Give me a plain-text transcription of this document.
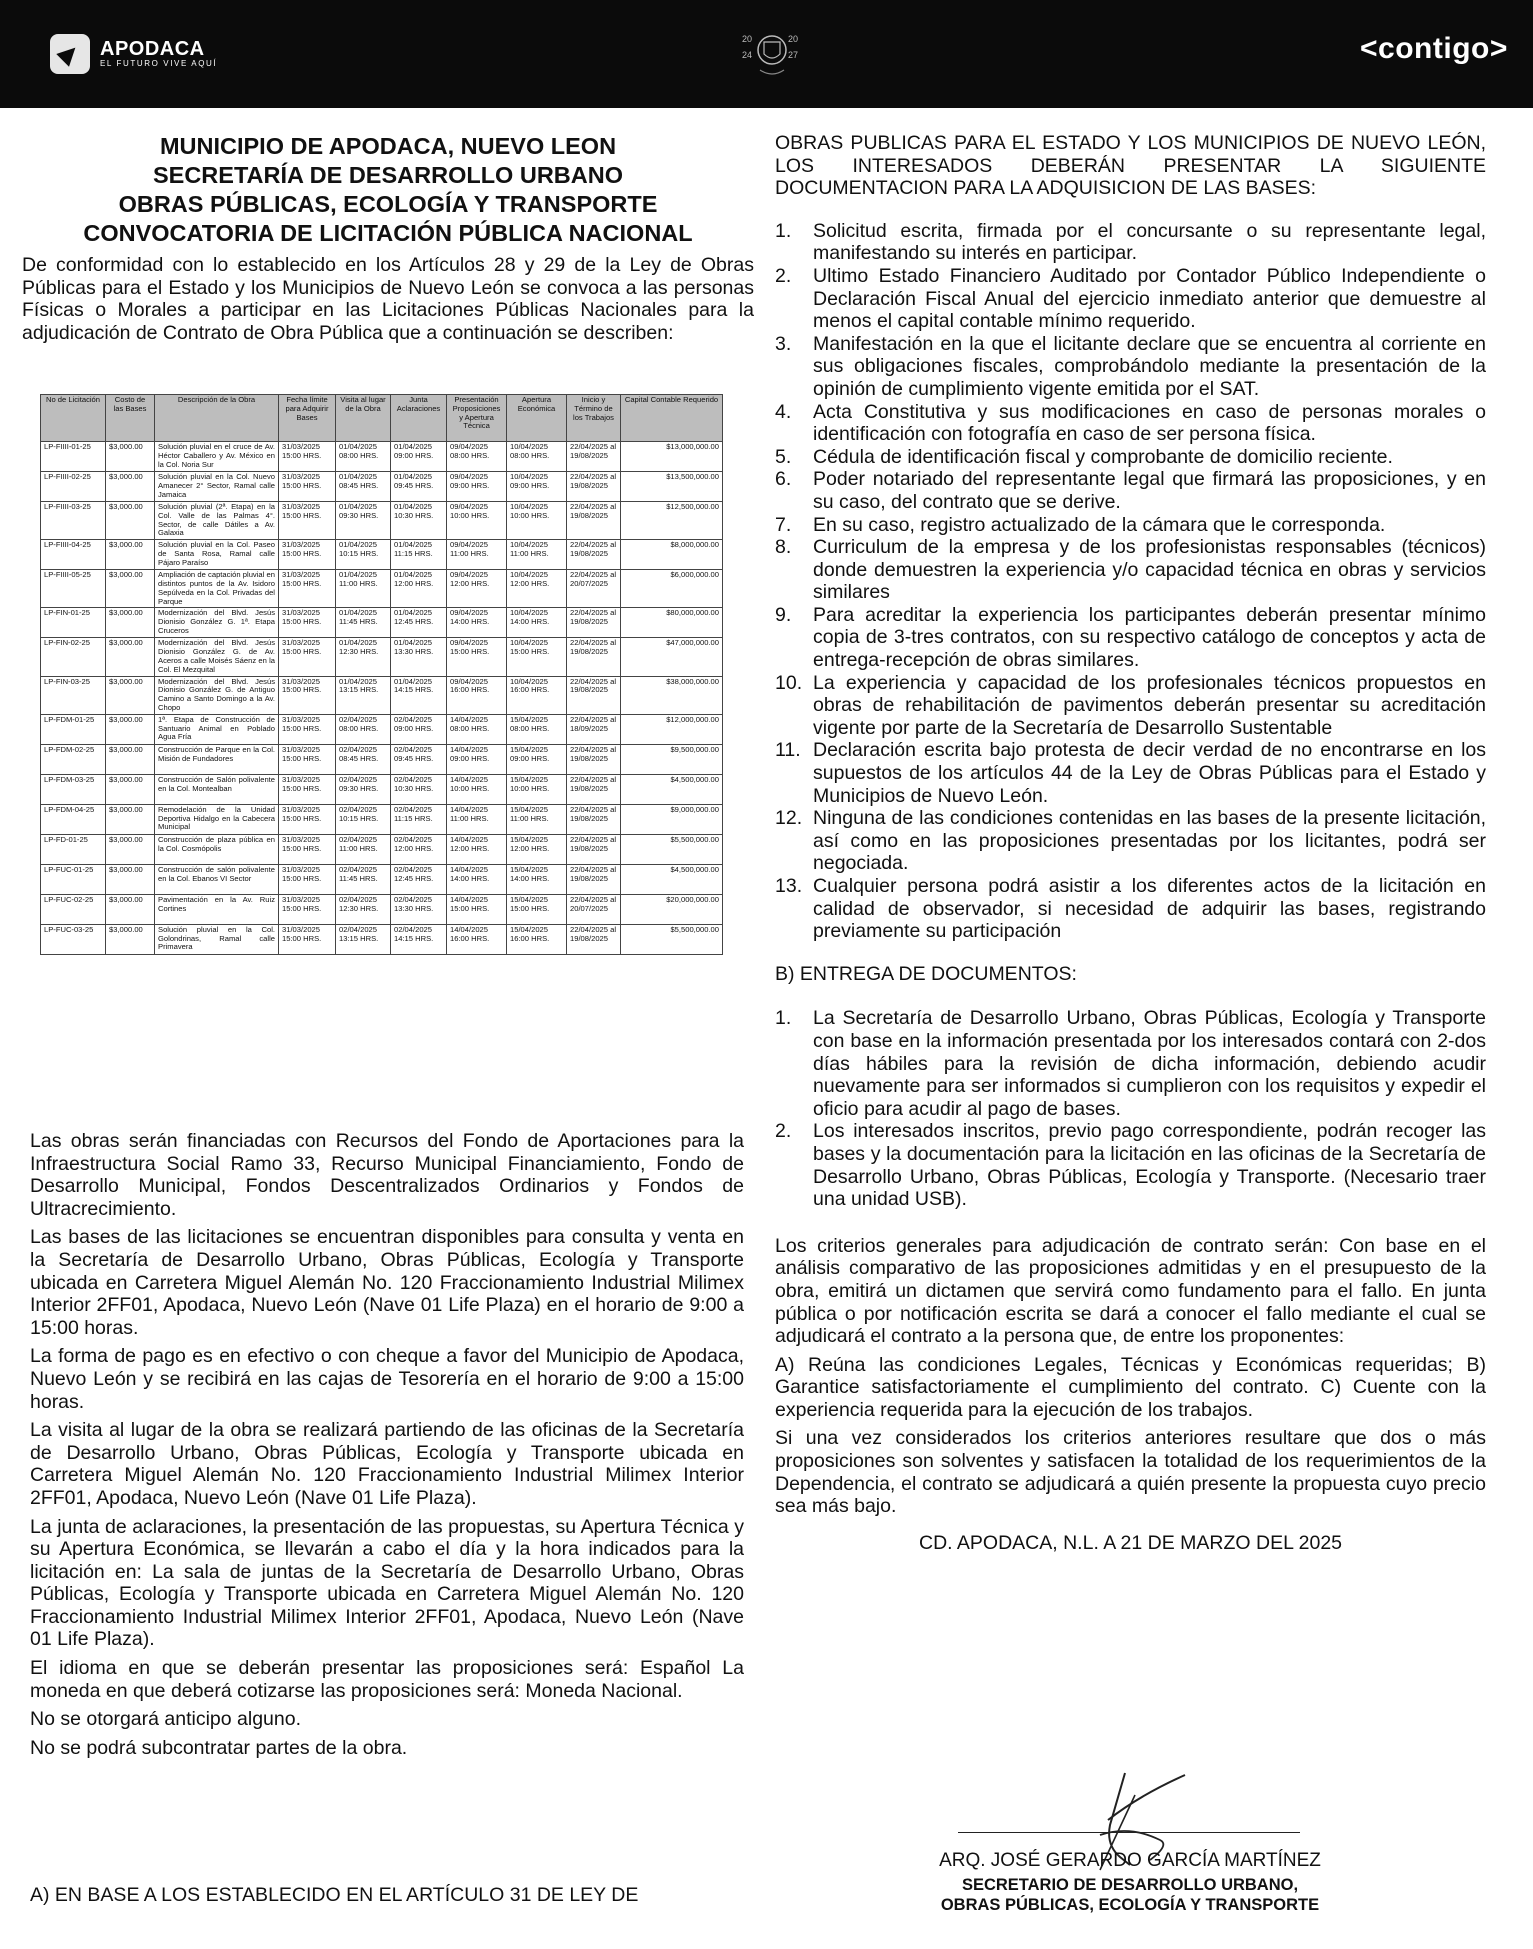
APODACA
EL FUTURO VIVE AQUÍ
20	20
24	27	<contigo>
MUNICIPIO DE APODACA, NUEVO LEON
SECRETARÍA DE DESARROLLO URBANO
OBRAS PÚBLICAS, ECOLOGÍA Y TRANSPORTE
CONVOCATORIA DE LICITACIÓN PÚBLICA NACIONAL

De conformidad con lo establecido en los Artículos 28 y 29 de la Ley de Obras Públicas para el Estado y los Municipios de Nuevo León se convoca a las personas Físicas o Morales a participar en las Licitaciones Públicas Nacionales para la adjudicación de Contrato de Obra Pública que a continuación se describen:

No de Licitación	Costo de las Bases	Descripción de la Obra	Fecha límite para Adquirir Bases	Visita al lugar de la Obra	Junta Aclaraciones	Presentación Proposiciones y Apertura Técnica	Apertura Económica	Inicio y Término de los Trabajos	Capital Contable Requerido
LP-FIIII-01-25	$3,000.00	Solución pluvial en el cruce de Av. Héctor Caballero y Av. México en la Col. Noria Sur	31/03/2025 15:00 HRS.	01/04/2025 08:00 HRS.	01/04/2025 09:00 HRS.	09/04/2025 08:00 HRS.	10/04/2025 08:00 HRS.	22/04/2025 al 19/08/2025	$13,000,000.00
LP-FIIII-02-25	$3,000.00	Solución pluvial en la Col. Nuevo Amanecer 2° Sector, Ramal calle Jamaica	31/03/2025 15:00 HRS.	01/04/2025 08:45 HRS.	01/04/2025 09:45 HRS.	09/04/2025 09:00 HRS.	10/04/2025 09:00 HRS.	22/04/2025 al 19/08/2025	$13,500,000.00
LP-FIIII-03-25	$3,000.00	Solución pluvial (2ª. Etapa) en la Col. Valle de las Palmas 4°. Sector, de calle Dátiles a Av. Galaxia	31/03/2025 15:00 HRS.	01/04/2025 09:30 HRS.	01/04/2025 10:30 HRS.	09/04/2025 10:00 HRS.	10/04/2025 10:00 HRS.	22/04/2025 al 19/08/2025	$12,500,000.00
LP-FIIII-04-25	$3,000.00	Solución pluvial en la Col. Paseo de Santa Rosa, Ramal calle Pájaro Paraíso	31/03/2025 15:00 HRS.	01/04/2025 10:15 HRS.	01/04/2025 11:15 HRS.	09/04/2025 11:00 HRS.	10/04/2025 11:00 HRS.	22/04/2025 al 19/08/2025	$8,000,000.00
LP-FIIII-05-25	$3,000.00	Ampliación de captación pluvial en distintos puntos de la Av. Isidoro Sepúlveda en la Col. Privadas del Parque	31/03/2025 15:00 HRS.	01/04/2025 11:00 HRS.	01/04/2025 12:00 HRS.	09/04/2025 12:00 HRS.	10/04/2025 12:00 HRS.	22/04/2025 al 20/07/2025	$6,000,000.00
LP-FIN-01-25	$3,000.00	Modernización del Blvd. Jesús Dionisio González G. 1ª. Etapa Cruceros	31/03/2025 15:00 HRS.	01/04/2025 11:45 HRS.	01/04/2025 12:45 HRS.	09/04/2025 14:00 HRS.	10/04/2025 14:00 HRS.	22/04/2025 al 19/08/2025	$80,000,000.00
LP-FIN-02-25	$3,000.00	Modernización del Blvd. Jesús Dionisio González G. de Av. Aceros a calle Moisés Sáenz en la Col. El Mezquital	31/03/2025 15:00 HRS.	01/04/2025 12:30 HRS.	01/04/2025 13:30 HRS.	09/04/2025 15:00 HRS.	10/04/2025 15:00 HRS.	22/04/2025 al 19/08/2025	$47,000,000.00
LP-FIN-03-25	$3,000.00	Modernización del Blvd. Jesús Dionisio González G. de Antiguo Camino a Santo Domingo a la Av. Chopo	31/03/2025 15:00 HRS.	01/04/2025 13:15 HRS.	01/04/2025 14:15 HRS.	09/04/2025 16:00 HRS.	10/04/2025 16:00 HRS.	22/04/2025 al 19/08/2025	$38,000,000.00
LP-FDM-01-25	$3,000.00	1ª. Etapa de Construcción de Santuario Animal en Poblado Agua Fría	31/03/2025 15:00 HRS.	02/04/2025 08:00 HRS.	02/04/2025 09:00 HRS.	14/04/2025 08:00 HRS.	15/04/2025 08:00 HRS.	22/04/2025 al 18/09/2025	$12,000,000.00
LP-FDM-02-25	$3,000.00	Construcción de Parque en la Col. Misión de Fundadores	31/03/2025 15:00 HRS.	02/04/2025 08:45 HRS.	02/04/2025 09:45 HRS.	14/04/2025 09:00 HRS.	15/04/2025 09:00 HRS.	22/04/2025 al 19/08/2025	$9,500,000.00
LP-FDM-03-25	$3,000.00	Construcción de Salón polivalente en la Col. Montealban	31/03/2025 15:00 HRS.	02/04/2025 09:30 HRS.	02/04/2025 10:30 HRS.	14/04/2025 10:00 HRS.	15/04/2025 10:00 HRS.	22/04/2025 al 19/08/2025	$4,500,000.00
LP-FDM-04-25	$3,000.00	Remodelación de la Unidad Deportiva Hidalgo en la Cabecera Municipal	31/03/2025 15:00 HRS.	02/04/2025 10:15 HRS.	02/04/2025 11:15 HRS.	14/04/2025 11:00 HRS.	15/04/2025 11:00 HRS.	22/04/2025 al 19/08/2025	$9,000,000.00
LP-FD-01-25	$3,000.00	Construcción de plaza pública en la Col. Cosmópolis	31/03/2025 15:00 HRS.	02/04/2025 11:00 HRS.	02/04/2025 12:00 HRS.	14/04/2025 12:00 HRS.	15/04/2025 12:00 HRS.	22/04/2025 al 19/08/2025	$5,500,000.00
LP-FUC-01-25	$3,000.00	Construcción de salón polivalente en la Col. Ebanos VI Sector	31/03/2025 15:00 HRS.	02/04/2025 11:45 HRS.	02/04/2025 12:45 HRS.	14/04/2025 14:00 HRS.	15/04/2025 14:00 HRS.	22/04/2025 al 19/08/2025	$4,500,000.00
LP-FUC-02-25	$3,000.00	Pavimentación en la Av. Ruiz Cortines	31/03/2025 15:00 HRS.	02/04/2025 12:30 HRS.	02/04/2025 13:30 HRS.	14/04/2025 15:00 HRS.	15/04/2025 15:00 HRS.	22/04/2025 al 20/07/2025	$20,000,000.00
LP-FUC-03-25	$3,000.00	Solución pluvial en la Col. Golondrinas, Ramal calle Primavera	31/03/2025 15:00 HRS.	02/04/2025 13:15 HRS.	02/04/2025 14:15 HRS.	14/04/2025 16:00 HRS.	15/04/2025 16:00 HRS.	22/04/2025 al 19/08/2025	$5,500,000.00

Las obras serán financiadas con Recursos del Fondo de Aportaciones para la Infraestructura Social Ramo 33, Recurso Municipal Financiamiento, Fondo de Desarrollo Municipal, Fondos Descentralizados Ordinarios y Fondos de Ultracrecimiento.

Las bases de las licitaciones se encuentran disponibles para consulta y venta en la Secretaría de Desarrollo Urbano, Obras Públicas, Ecología y Transporte ubicada en Carretera Miguel Alemán No. 120 Fraccionamiento Industrial Milimex Interior 2FF01, Apodaca, Nuevo León (Nave 01 Life Plaza) en el horario de 9:00 a 15:00 horas.

La forma de pago es en efectivo o con cheque a favor del Municipio de Apodaca, Nuevo León y se recibirá en las cajas de Tesorería en el horario de 9:00 a 15:00 horas.

La visita al lugar de la obra se realizará partiendo de las oficinas de la Secretaría de Desarrollo Urbano, Obras Públicas, Ecología y Transporte ubicada en Carretera Miguel Alemán No. 120 Fraccionamiento Industrial Milimex Interior 2FF01, Apodaca, Nuevo León (Nave 01 Life Plaza).

La junta de aclaraciones, la presentación de las propuestas, su Apertura Técnica y su Apertura Económica, se llevarán a cabo el día y la hora indicados para la licitación en: La sala de juntas de la Secretaría de Desarrollo Urbano, Obras Públicas, Ecología y Transporte ubicada en Carretera Miguel Alemán No. 120 Fraccionamiento Industrial Milimex Interior 2FF01, Apodaca, Nuevo León (Nave 01 Life Plaza).

El idioma en que se deberán presentar las proposiciones será: Español La moneda en que deberá cotizarse las proposiciones será: Moneda Nacional.

No se otorgará anticipo alguno.

No se podrá subcontratar partes de la obra.

A) EN BASE A LOS ESTABLECIDO EN EL ARTÍCULO 31 DE LEY DE

OBRAS PUBLICAS PARA EL ESTADO Y LOS MUNICIPIOS DE NUEVO LEÓN, LOS INTERESADOS DEBERÁN PRESENTAR LA SIGUIENTE DOCUMENTACION PARA LA ADQUISICION DE LAS BASES:

1.	Solicitud escrita, firmada por el concursante o su representante legal, manifestando su interés en participar.
2.	Ultimo Estado Financiero Auditado por Contador Público Independiente o Declaración Fiscal Anual del ejercicio inmediato anterior que demuestre al menos el capital contable mínimo requerido.
3.	Manifestación en la que el licitante declare que se encuentra al corriente en sus obligaciones fiscales, comprobándolo mediante la presentación de la opinión de cumplimiento vigente emitida por el SAT.
4.	Acta Constitutiva y sus modificaciones en caso de personas morales o identificación con fotografía en caso de ser persona física.
5.	Cédula de identificación fiscal y comprobante de domicilio reciente.
6.	Poder notariado del representante legal que firmará las proposiciones, y en su caso, del contrato que se derive.
7.	En su caso, registro actualizado de la cámara que le corresponda.
8.	Curriculum de la empresa y de los profesionistas responsables (técnicos) donde demuestren la experiencia y/o capacidad técnica en obras y servicios similares
9.	Para acreditar la experiencia los participantes deberán presentar mínimo copia de 3-tres contratos, con su respectivo catálogo de conceptos y acta de entrega-recepción de obras similares.
10. La experiencia y capacidad de los profesionales técnicos propuestos en obras de rehabilitación de pavimentos deberán presentar su acreditación vigente por parte de la Secretaría de Desarrollo Sustentable
11. Declaración escrita bajo protesta de decir verdad de no encontrarse en los supuestos de los artículos 44 de la Ley de Obras Públicas para el Estado y Municipios de Nuevo León.
12. Ninguna de las condiciones contenidas en las bases de la presente licitación, así como en las proposiciones presentadas por los licitantes, podrá ser negociada.
13. Cualquier persona podrá asistir a los diferentes actos de la licitación en calidad de observador, si necesidad de adquirir las bases, registrando previamente su participación

B) ENTREGA DE DOCUMENTOS:

1.	La Secretaría de Desarrollo Urbano, Obras Públicas, Ecología y Transporte con base en la información presentada por los interesados contará con 2-dos días hábiles para la revisión de dicha información, debiendo acudir nuevamente para ser informados si cumplieron con los requisitos y expedir el oficio para acudir al pago de bases.
2.	Los interesados inscritos, previo pago correspondiente, podrán recoger las bases y la documentación para la licitación en las oficinas de la Secretaría de Desarrollo Urbano, Obras Públicas, Ecología y Transporte. (Necesario traer una unidad USB).

Los criterios generales para adjudicación de contrato serán: Con base en el análisis comparativo de las proposiciones admitidas y en el presupuesto de la obra, emitirá un dictamen que servirá como fundamento para el fallo. En junta pública o por notificación escrita se dará a conocer el fallo mediante el cual se adjudicará el contrato a la persona que, de entre los proponentes:

A) Reúna las condiciones Legales, Técnicas y Económicas requeridas; B) Garantice satisfactoriamente el cumplimiento del contrato. C) Cuente con la experiencia requerida para la ejecución de los trabajos.

Si una vez considerados los criterios anteriores resultare que dos o más proposiciones son solventes y satisfacen la totalidad de los requerimientos de la Dependencia, el contrato se adjudicará a quién presente la propuesta cuyo precio sea más bajo.

CD. APODACA, N.L. A 21 DE MARZO DEL 2025

ARQ. JOSÉ GERARDO GARCÍA MARTÍNEZ
SECRETARIO DE DESARROLLO URBANO,
OBRAS PÚBLICAS, ECOLOGÍA Y TRANSPORTE
